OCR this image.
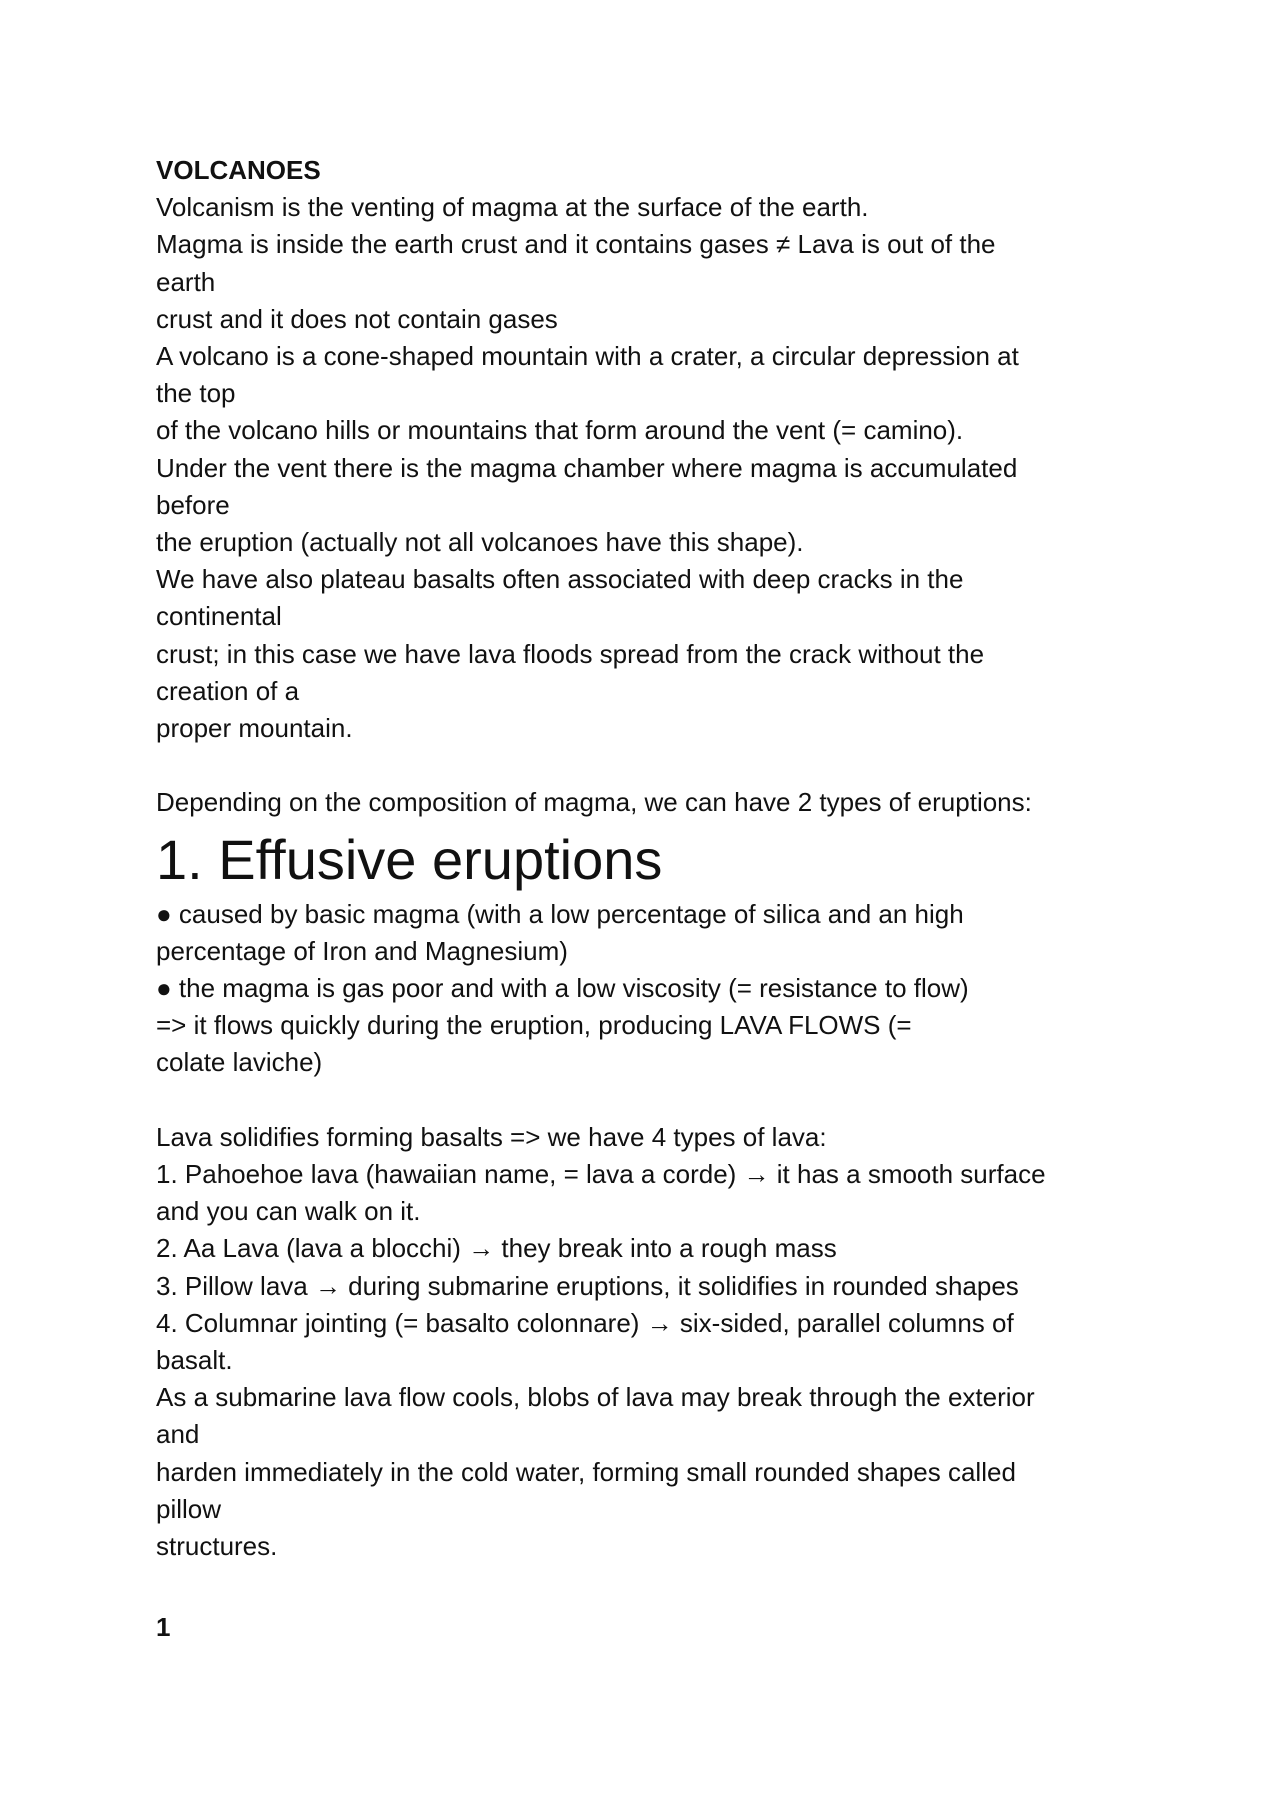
VOLCANOES
Volcanism is the venting of magma at the surface of the earth.
Magma is inside the earth crust and it contains gases ≠ Lava is out of the
earth
crust and it does not contain gases
A volcano is a cone-shaped mountain with a crater, a circular depression at
the top
of the volcano hills or mountains that form around the vent (= camino).
Under the vent there is the magma chamber where magma is accumulated
before
the eruption (actually not all volcanoes have this shape).
We have also plateau basalts often associated with deep cracks in the
continental
crust; in this case we have lava floods spread from the crack without the
creation of a
proper mountain.
Depending on the composition of magma, we can have 2 types of eruptions:
1. Effusive eruptions
● caused by basic magma (with a low percentage of silica and an high
percentage of Iron and Magnesium)
● the magma is gas poor and with a low viscosity (= resistance to flow)
=> it flows quickly during the eruption, producing LAVA FLOWS (=
colate laviche)
Lava solidifies forming basalts => we have 4 types of lava:
1. Pahoehoe lava (hawaiian name, = lava a corde) → it has a smooth surface
and you can walk on it.
2. Aa Lava (lava a blocchi) → they break into a rough mass
3. Pillow lava → during submarine eruptions, it solidifies in rounded shapes
4. Columnar jointing (= basalto colonnare) → six-sided, parallel columns of
basalt.
As a submarine lava flow cools, blobs of lava may break through the exterior
and
harden immediately in the cold water, forming small rounded shapes called
pillow
structures.
1
